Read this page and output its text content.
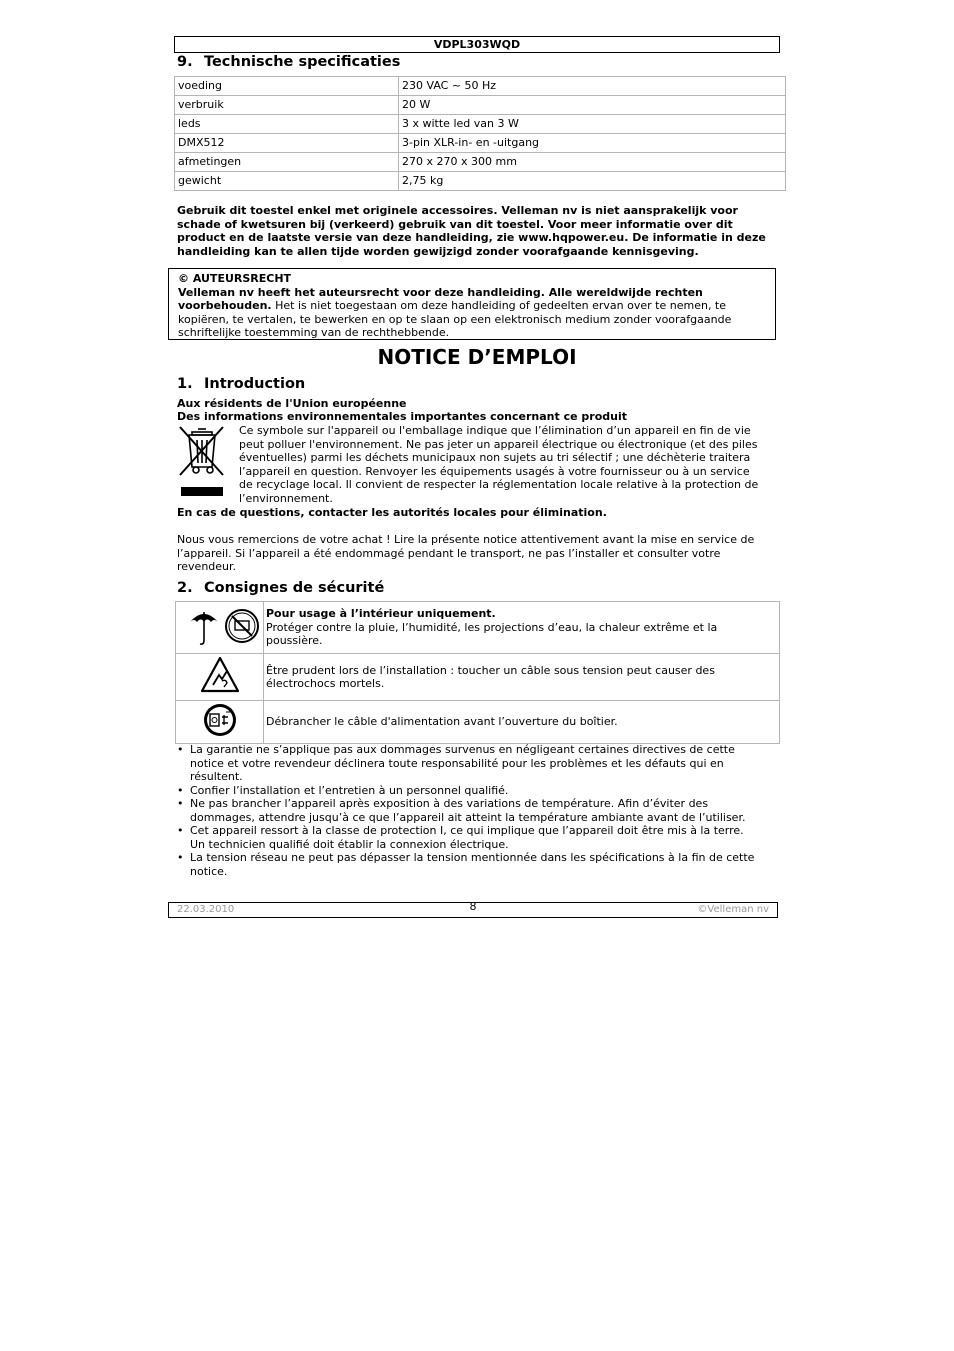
VDPL303WQD
9. Technische specificaties
voeding	230 VAC ~ 50 Hz
verbruik	20 W
leds	3 x witte led van 3 W
DMX512	3-pin XLR-in- en -uitgang
afmetingen	270 x 270 x 300 mm
gewicht	2,75 kg
Gebruik dit toestel enkel met originele accessoires. Velleman nv is niet aansprakelijk voor
schade of kwetsuren bij (verkeerd) gebruik van dit toestel. Voor meer informatie over dit
product en de laatste versie van deze handleiding, zie www.hqpower.eu. De informatie in deze
handleiding kan te allen tijde worden gewijzigd zonder voorafgaande kennisgeving.
© AUTEURSRECHT
Velleman nv heeft het auteursrecht voor deze handleiding. Alle wereldwijde rechten
voorbehouden. Het is niet toegestaan om deze handleiding of gedeelten ervan over te nemen, te
kopiëren, te vertalen, te bewerken en op te slaan op een elektronisch medium zonder voorafgaande
schriftelijke toestemming van de rechthebbende.
NOTICE D’EMPLOI
1. Introduction
Aux résidents de l'Union européenne
Des informations environnementales importantes concernant ce produit
Ce symbole sur l'appareil ou l'emballage indique que l’élimination d’un appareil en fin de vie
peut polluer l'environnement. Ne pas jeter un appareil électrique ou électronique (et des piles
éventuelles) parmi les déchets municipaux non sujets au tri sélectif ; une déchèterie traitera
l’appareil en question. Renvoyer les équipements usagés à votre fournisseur ou à un service
de recyclage local. Il convient de respecter la réglementation locale relative à la protection de
l’environnement.
En cas de questions, contacter les autorités locales pour élimination.
Nous vous remercions de votre achat ! Lire la présente notice attentivement avant la mise en service de
l’appareil. Si l’appareil a été endommagé pendant le transport, ne pas l’installer et consulter votre
revendeur.
2. Consignes de sécurité

Pour usage à l’intérieur uniquement.
Protéger contre la pluie, l’humidité, les projections d’eau, la chaleur extrême et la
poussière.

Être prudent lors de l’installation : toucher un câble sous tension peut causer des
électrochocs mortels.

Débrancher le câble d'alimentation avant l’ouverture du boîtier.
• La garantie ne s’applique pas aux dommages survenus en négligeant certaines directives de cette
notice et votre revendeur déclinera toute responsabilité pour les problèmes et les défauts qui en
résultent.
• Confier l’installation et l’entretien à un personnel qualifié.
• Ne pas brancher l’appareil après exposition à des variations de température. Afin d’éviter des
dommages, attendre jusqu’à ce que l’appareil ait atteint la température ambiante avant de l’utiliser.
• Cet appareil ressort à la classe de protection I, ce qui implique que l’appareil doit être mis à la terre.
Un technicien qualifié doit établir la connexion électrique.
• La tension réseau ne peut pas dépasser la tension mentionnée dans les spécifications à la fin de cette
notice.
22.03.2010	8	©Velleman nv
